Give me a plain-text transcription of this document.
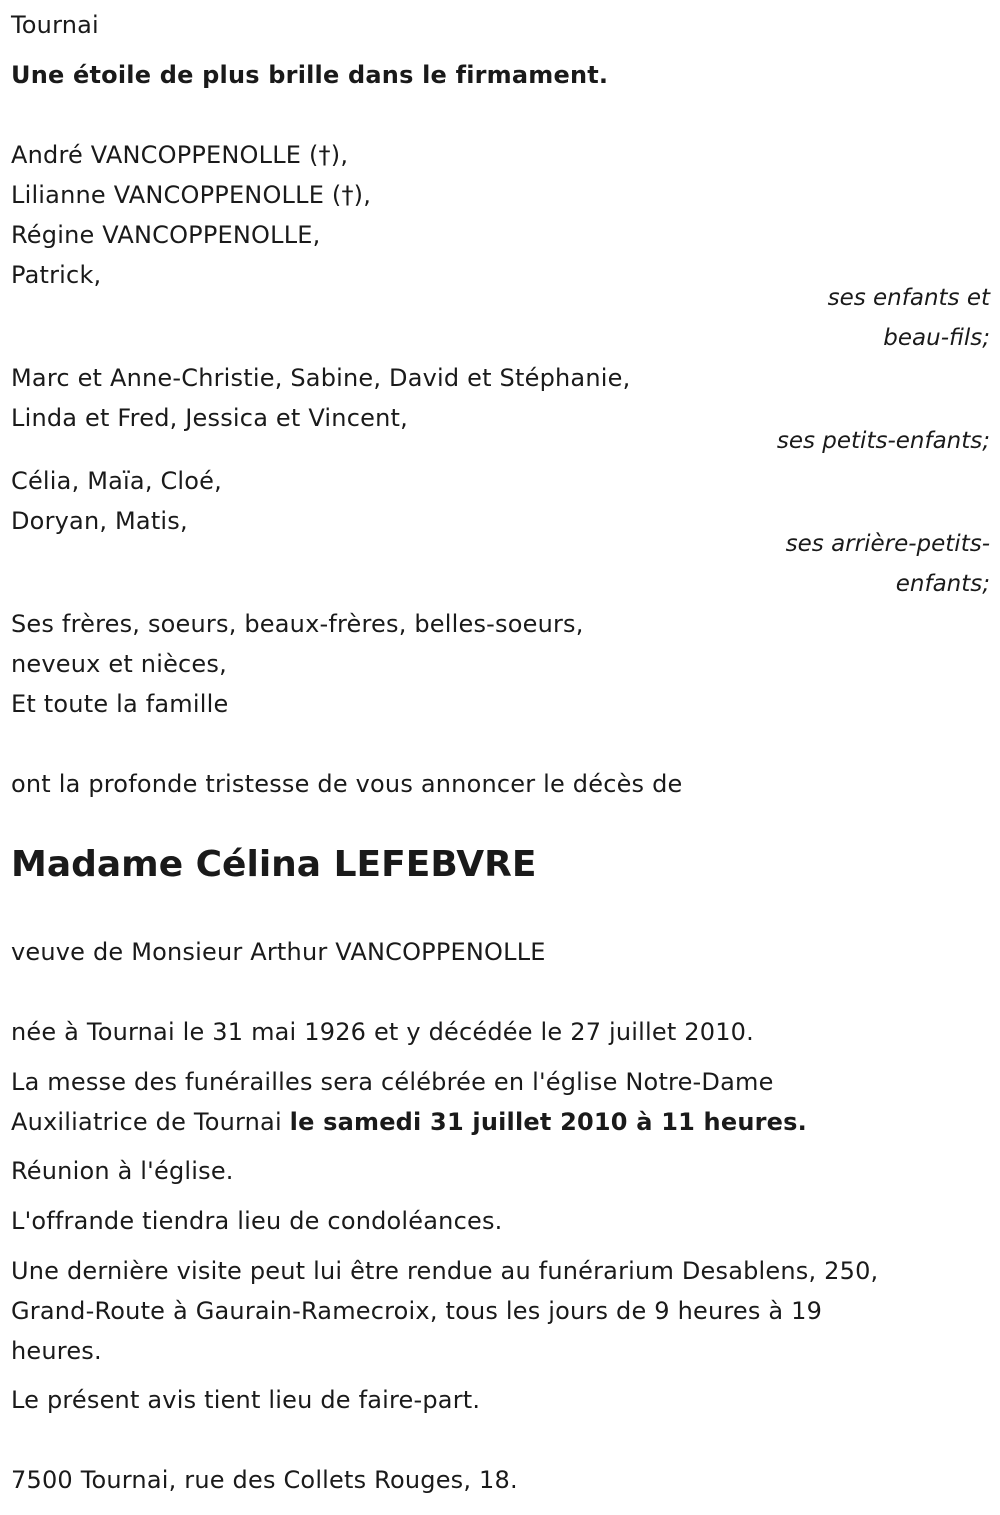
Tournai
Une étoile de plus brille dans le firmament.
André VANCOPPENOLLE (†),
Lilianne VANCOPPENOLLE (†),
Régine VANCOPPENOLLE,
Patrick,
ses enfants et
beau-fils;
Marc et Anne-Christie, Sabine, David et Stéphanie,
Linda et Fred, Jessica et Vincent,
ses petits-enfants;
Célia, Maïa, Cloé,
Doryan, Matis,
ses arrière-petits-
enfants;
Ses frères, soeurs, beaux-frères, belles-soeurs,
neveux et nièces,
Et toute la famille
ont la profonde tristesse de vous annoncer le décès de
Madame Célina LEFEBVRE
veuve de Monsieur Arthur VANCOPPENOLLE
née à Tournai le 31 mai 1926 et y décédée le 27 juillet 2010.
La messe des funérailles sera célébrée en l'église Notre-Dame
Auxiliatrice de Tournai le samedi 31 juillet 2010 à 11 heures.
Réunion à l'église.
L'offrande tiendra lieu de condoléances.
Une dernière visite peut lui être rendue au funérarium Desablens, 250,
Grand-Route à Gaurain-Ramecroix, tous les jours de 9 heures à 19
heures.
Le présent avis tient lieu de faire-part.
7500 Tournai, rue des Collets Rouges, 18.
